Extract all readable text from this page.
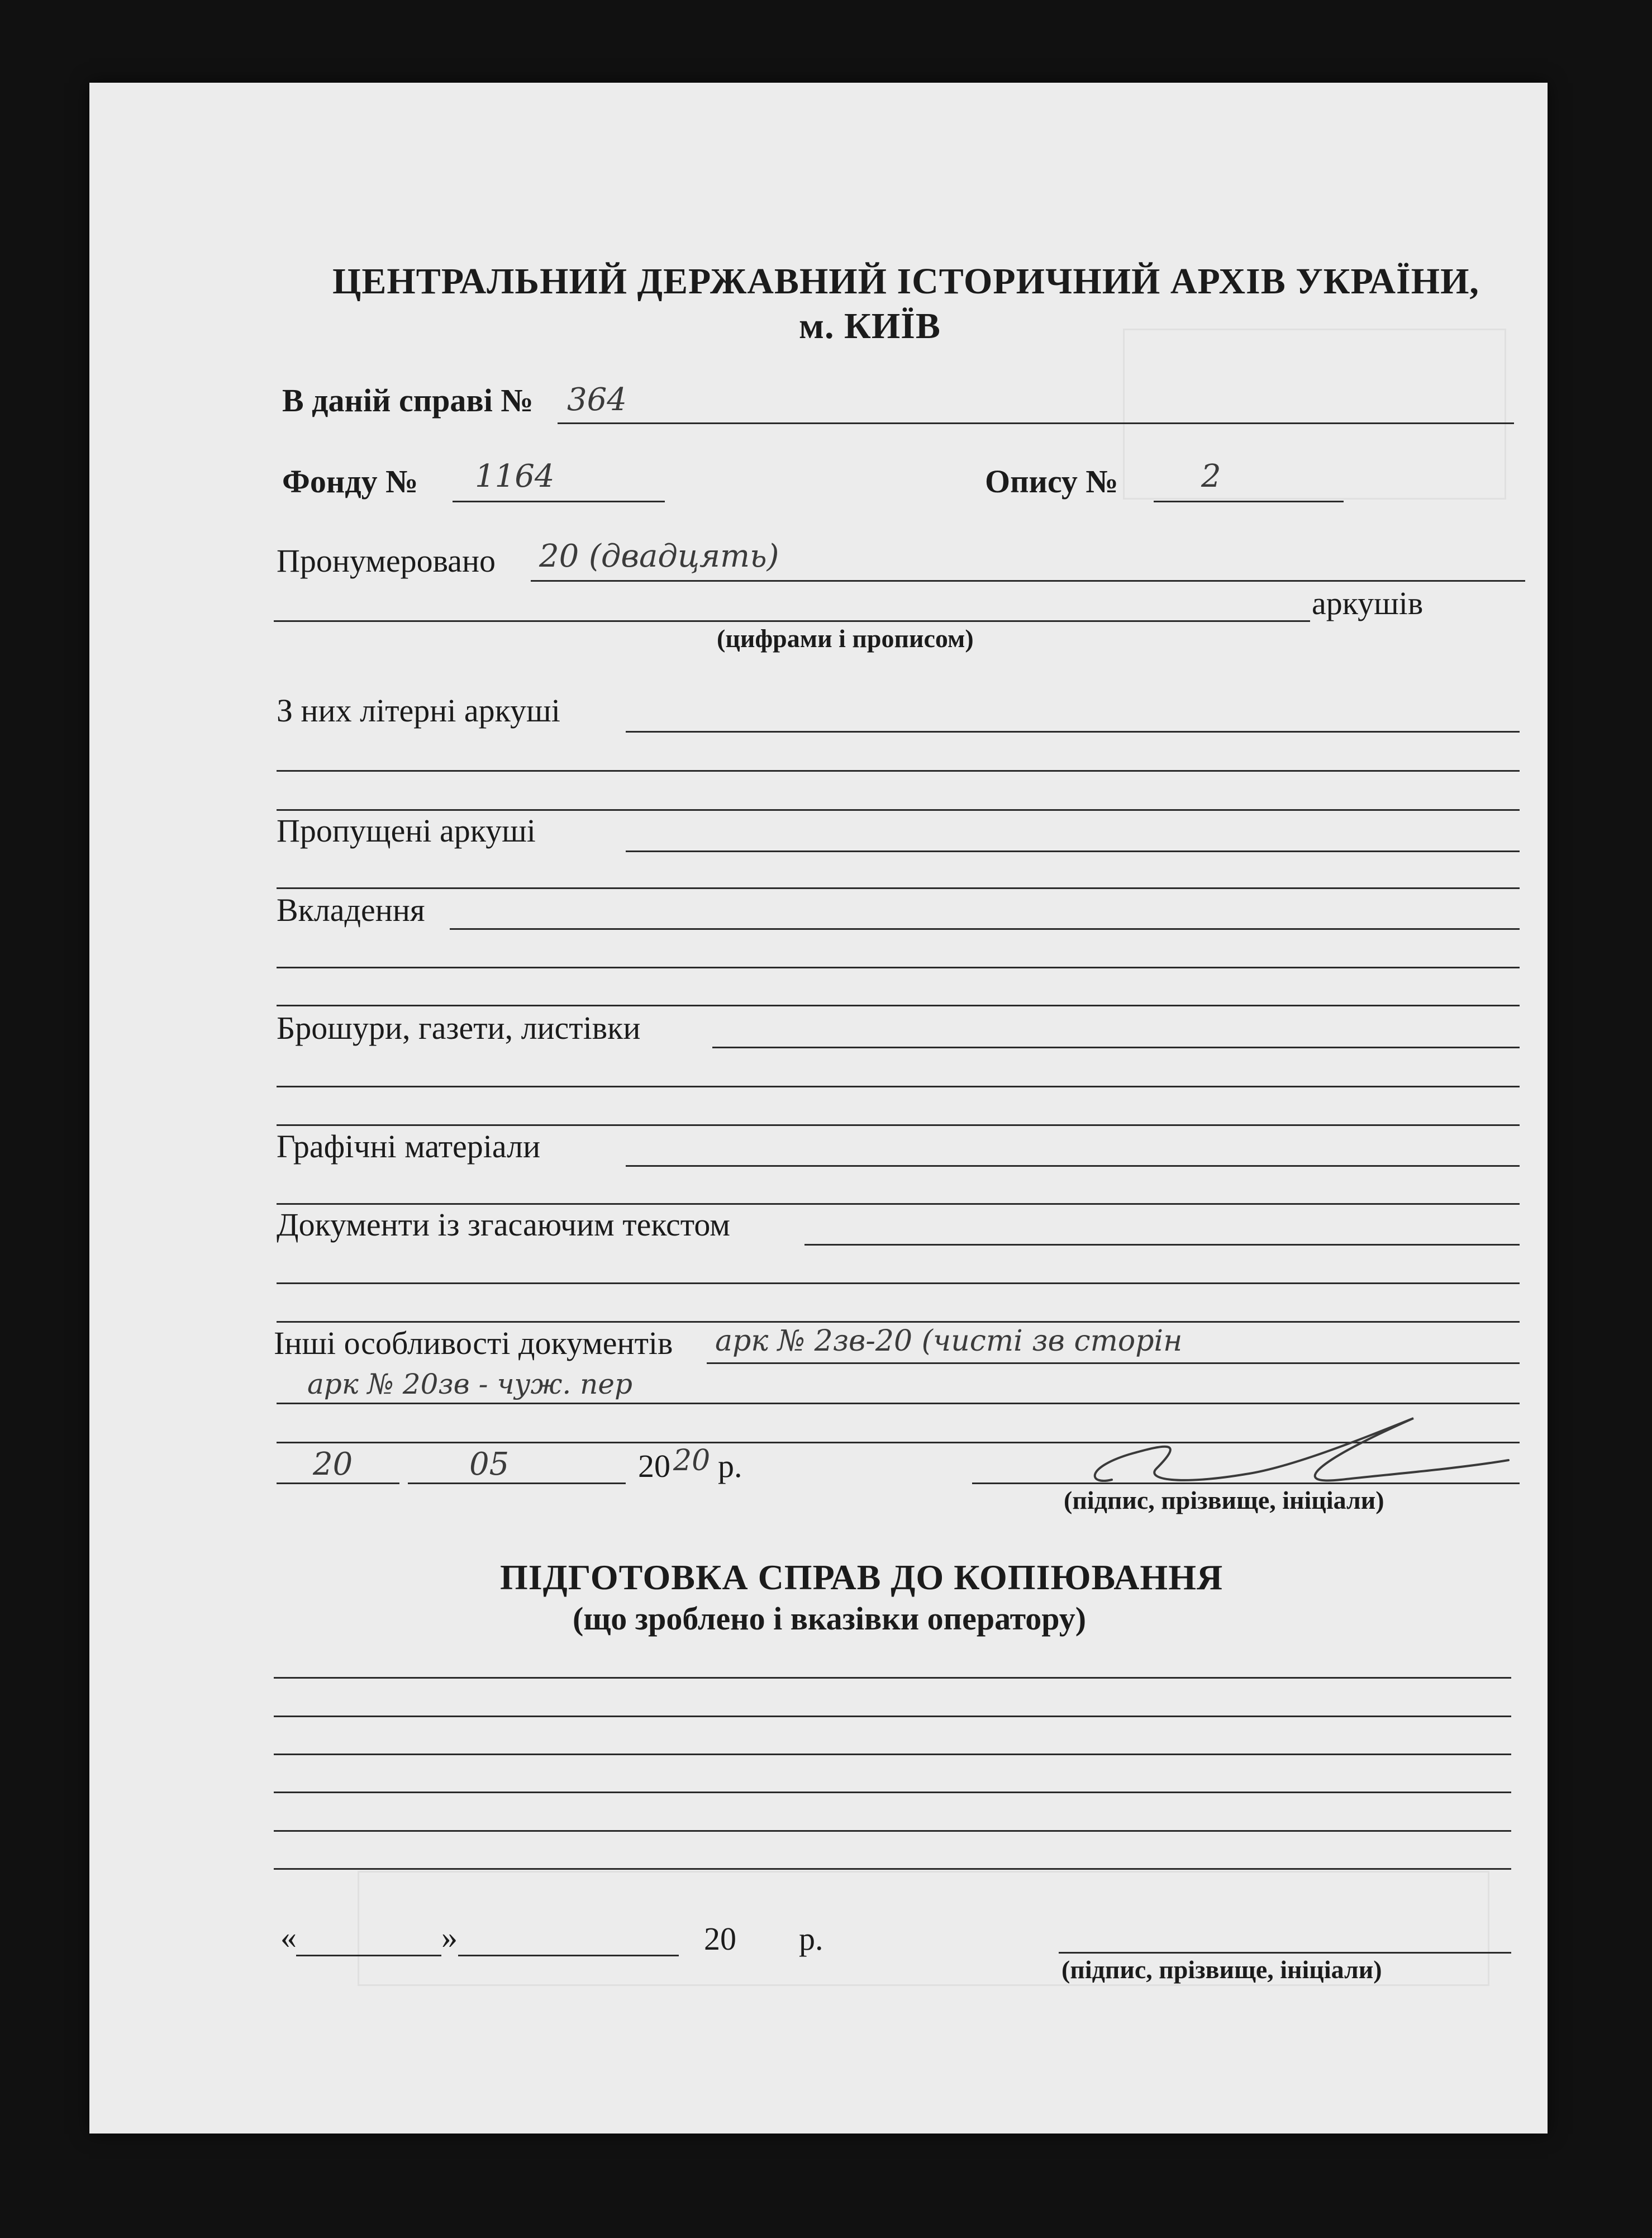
ЦЕНТРАЛЬНИЙ ДЕРЖАВНИЙ ІСТОРИЧНИЙ АРХІВ УКРАЇНИ,
м. КИЇВ
В даній справі № 364
Фонду № 1164	Опису №	2
Пронумеровано 20 (двадцять)
аркушів
(цифрами і прописом)
З них літерні аркуші
Пропущені аркуші
Вкладення
Брошури, газети, листівки
Графічні матеріали
Документи із згасаючим текстом
Інші особливості документів арк № 2зв-20 (чисті зв сторін
арк № 20зв - чуж. пер
20	05	20 20 р.
(підпис, прізвище, ініціали)
ПІДГОТОВКА СПРАВ ДО КОПІЮВАННЯ
(що зроблено і вказівки оператору)
«	»	20 р.
(підпис, прізвище, ініціали)
